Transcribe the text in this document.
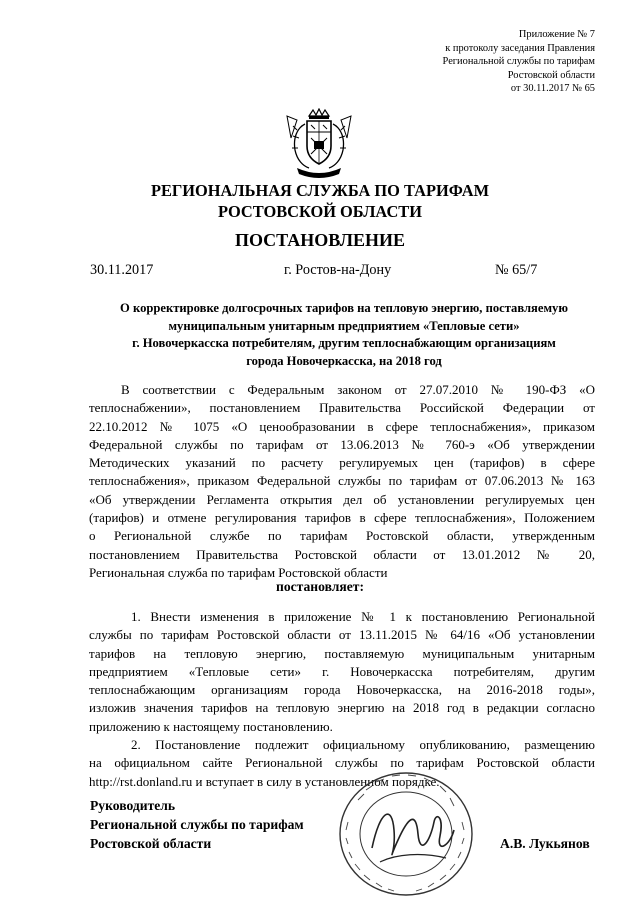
Приложение № 7
к протоколу заседания Правления
Региональной службы по тарифам
Ростовской области
от 30.11.2017 № 65
РЕГИОНАЛЬНАЯ СЛУЖБА ПО ТАРИФАМ
РОСТОВСКОЙ ОБЛАСТИ
ПОСТАНОВЛЕНИЕ
30.11.2017	г. Ростов-на-Дону	№ 65/7
О корректировке долгосрочных тарифов на тепловую энергию, поставляемую
муниципальным унитарным предприятием «Тепловые сети»
г. Новочеркасска потребителям, другим теплоснабжающим организациям
города Новочеркасска, на 2018 год
В соответствии с Федеральным законом от 27.07.2010 № 190-ФЗ «О
теплоснабжении», постановлением Правительства Российской Федерации от
22.10.2012 № 1075 «О ценообразовании в сфере теплоснабжения», приказом
Федеральной службы по тарифам от 13.06.2013 № 760-э «Об утверждении
Методических указаний по расчету регулируемых цен (тарифов) в сфере
теплоснабжения», приказом Федеральной службы по тарифам от 07.06.2013 № 163
«Об утверждении Регламента открытия дел об установлении регулируемых цен
(тарифов) и отмене регулирования тарифов в сфере теплоснабжения», Положением
о Региональной службе по тарифам Ростовской области, утвержденным
постановлением Правительства Ростовской области от 13.01.2012 № 20,
Региональная служба по тарифам Ростовской области
постановляет:
1. Внести изменения в приложение № 1 к постановлению Региональной
службы по тарифам Ростовской области от 13.11.2015 № 64/16 «Об установлении
тарифов на тепловую энергию, поставляемую муниципальным унитарным
предприятием «Тепловые сети» г. Новочеркасска потребителям, другим
теплоснабжающим организациям города Новочеркасска, на 2016-2018 годы»,
изложив значения тарифов на тепловую энергию на 2018 год в редакции согласно
приложению к настоящему постановлению.
2. Постановление подлежит официальному опубликованию, размещению
на официальном сайте Региональной службы по тарифам Ростовской области
http://rst.donland.ru и вступает в силу в установленном порядке.
Руководитель
Региональной службы по тарифам
Ростовской области	А.В. Лукьянов
